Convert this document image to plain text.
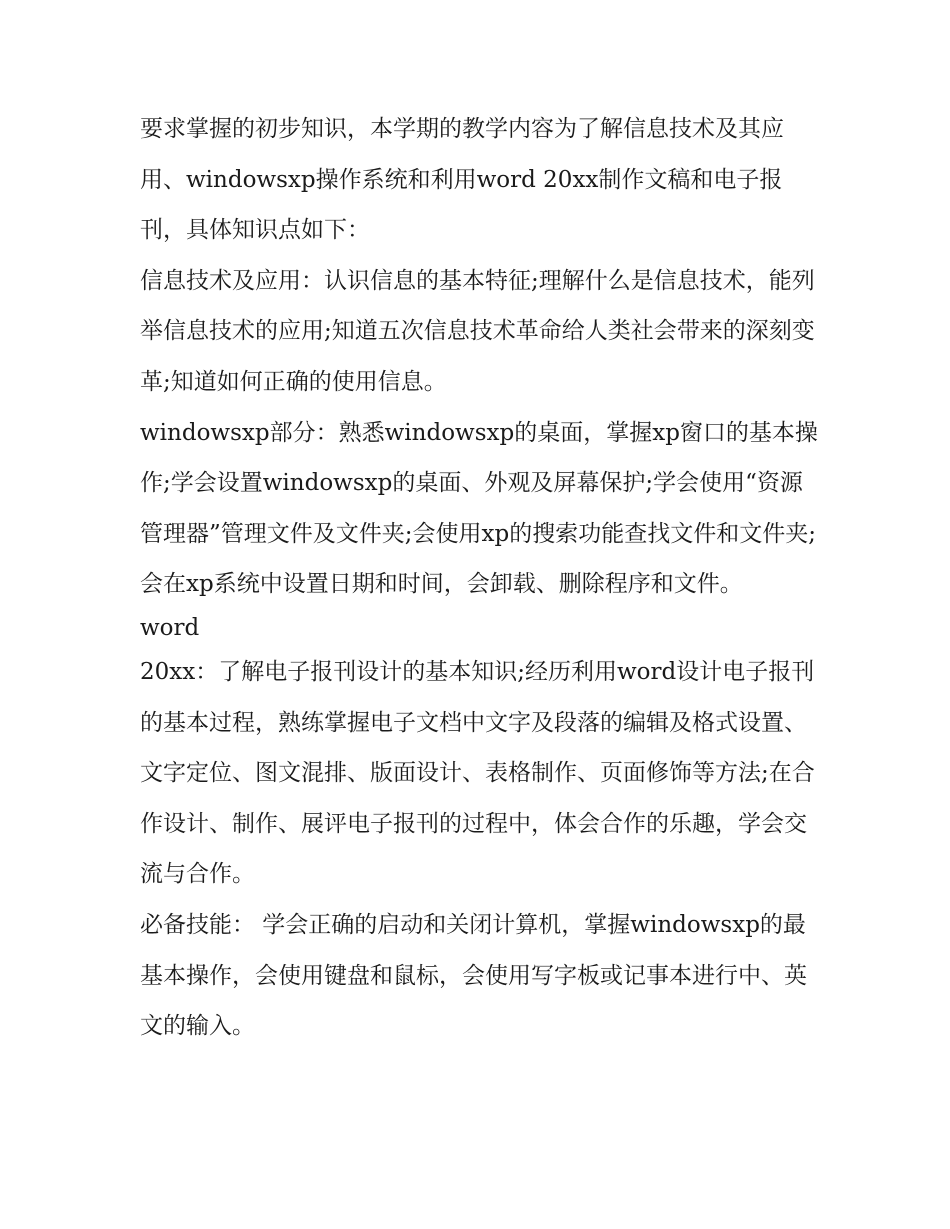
要求掌握的初步知识，本学期的教学内容为了解信息技术及其应用、windowsxp操作系统和利用word 20xx制作文稿和电子报刊，具体知识点如下：

信息技术及应用：认识信息的基本特征;理解什么是信息技术，能列举信息技术的应用;知道五次信息技术革命给人类社会带来的深刻变革;知道如何正确的使用信息。

windowsxp部分：熟悉windowsxp的桌面，掌握xp窗口的基本操作;学会设置windowsxp的桌面、外观及屏幕保护;学会使用“资源管理器”管理文件及文件夹;会使用xp的搜索功能查找文件和文件夹;会在xp系统中设置日期和时间，会卸载、删除程序和文件。

word

20xx：了解电子报刊设计的基本知识;经历利用word设计电子报刊的基本过程，熟练掌握电子文档中文字及段落的编辑及格式设置、文字定位、图文混排、版面设计、表格制作、页面修饰等方法;在合作设计、制作、展评电子报刊的过程中，体会合作的乐趣，学会交流与合作。

必备技能： 学会正确的启动和关闭计算机，掌握windowsxp的最基本操作，会使用键盘和鼠标，会使用写字板或记事本进行中、英文的输入。
